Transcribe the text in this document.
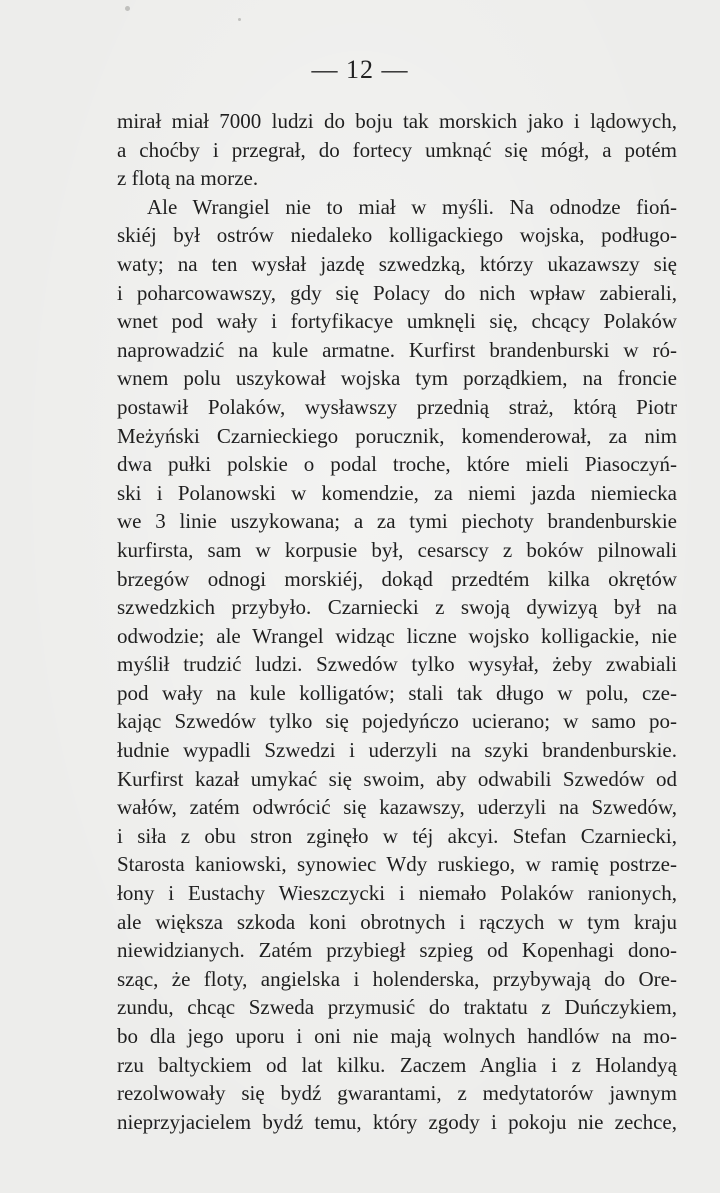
— 12 —
mirał miał 7000 ludzi do boju tak morskich jako i lądowych,
a choćby i przegrał, do fortecy umknąć się mógł, a potém
z flotą na morze.
Ale Wrangiel nie to miał w myśli. Na odnodze fioń-
skiéj był ostrów niedaleko kolligackiego wojska, podługo-
waty; na ten wysłał jazdę szwedzką, którzy ukazawszy się
i poharcowawszy, gdy się Polacy do nich wpław zabierali,
wnet pod wały i fortyfikacye umknęli się, chcący Polaków
naprowadzić na kule armatne. Kurfirst brandenburski w ró-
wnem polu uszykował wojska tym porządkiem, na froncie
postawił Polaków, wysławszy przednią straż, którą Piotr
Meżyński Czarnieckiego porucznik, komenderował, za nim
dwa pułki polskie o podal troche, które mieli Piasoczyń-
ski i Polanowski w komendzie, za niemi jazda niemiecka
we 3 linie uszykowana; a za tymi piechoty brandenburskie
kurfirsta, sam w korpusie był, cesarscy z boków pilnowali
brzegów odnogi morskiéj, dokąd przedtém kilka okrętów
szwedzkich przybyło. Czarniecki z swoją dywizyą był na
odwodzie; ale Wrangel widząc liczne wojsko kolligackie, nie
myślił trudzić ludzi. Szwedów tylko wysyłał, żeby zwabiali
pod wały na kule kolligatów; stali tak długo w polu, cze-
kając Szwedów tylko się pojedyńczo ucierano; w samo po-
łudnie wypadli Szwedzi i uderzyli na szyki brandenburskie.
Kurfirst kazał umykać się swoim, aby odwabili Szwedów od
wałów, zatém odwrócić się kazawszy, uderzyli na Szwedów,
i siła z obu stron zginęło w téj akcyi. Stefan Czarniecki,
Starosta kaniowski, synowiec Wdy ruskiego, w ramię postrze-
łony i Eustachy Wieszczycki i niemało Polaków ranionych,
ale większa szkoda koni obrotnych i rączych w tym kraju
niewidzianych. Zatém przybiegł szpieg od Kopenhagi dono-
sząc, że floty, angielska i holenderska, przybywają do Ore-
zundu, chcąc Szweda przymusić do traktatu z Duńczykiem,
bo dla jego uporu i oni nie mają wolnych handlów na mo-
rzu baltyckiem od lat kilku. Zaczem Anglia i z Holandyą
rezolwowały się bydź gwarantami, z medytatorów jawnym
nieprzyjacielem bydź temu, który zgody i pokoju nie zechce,
